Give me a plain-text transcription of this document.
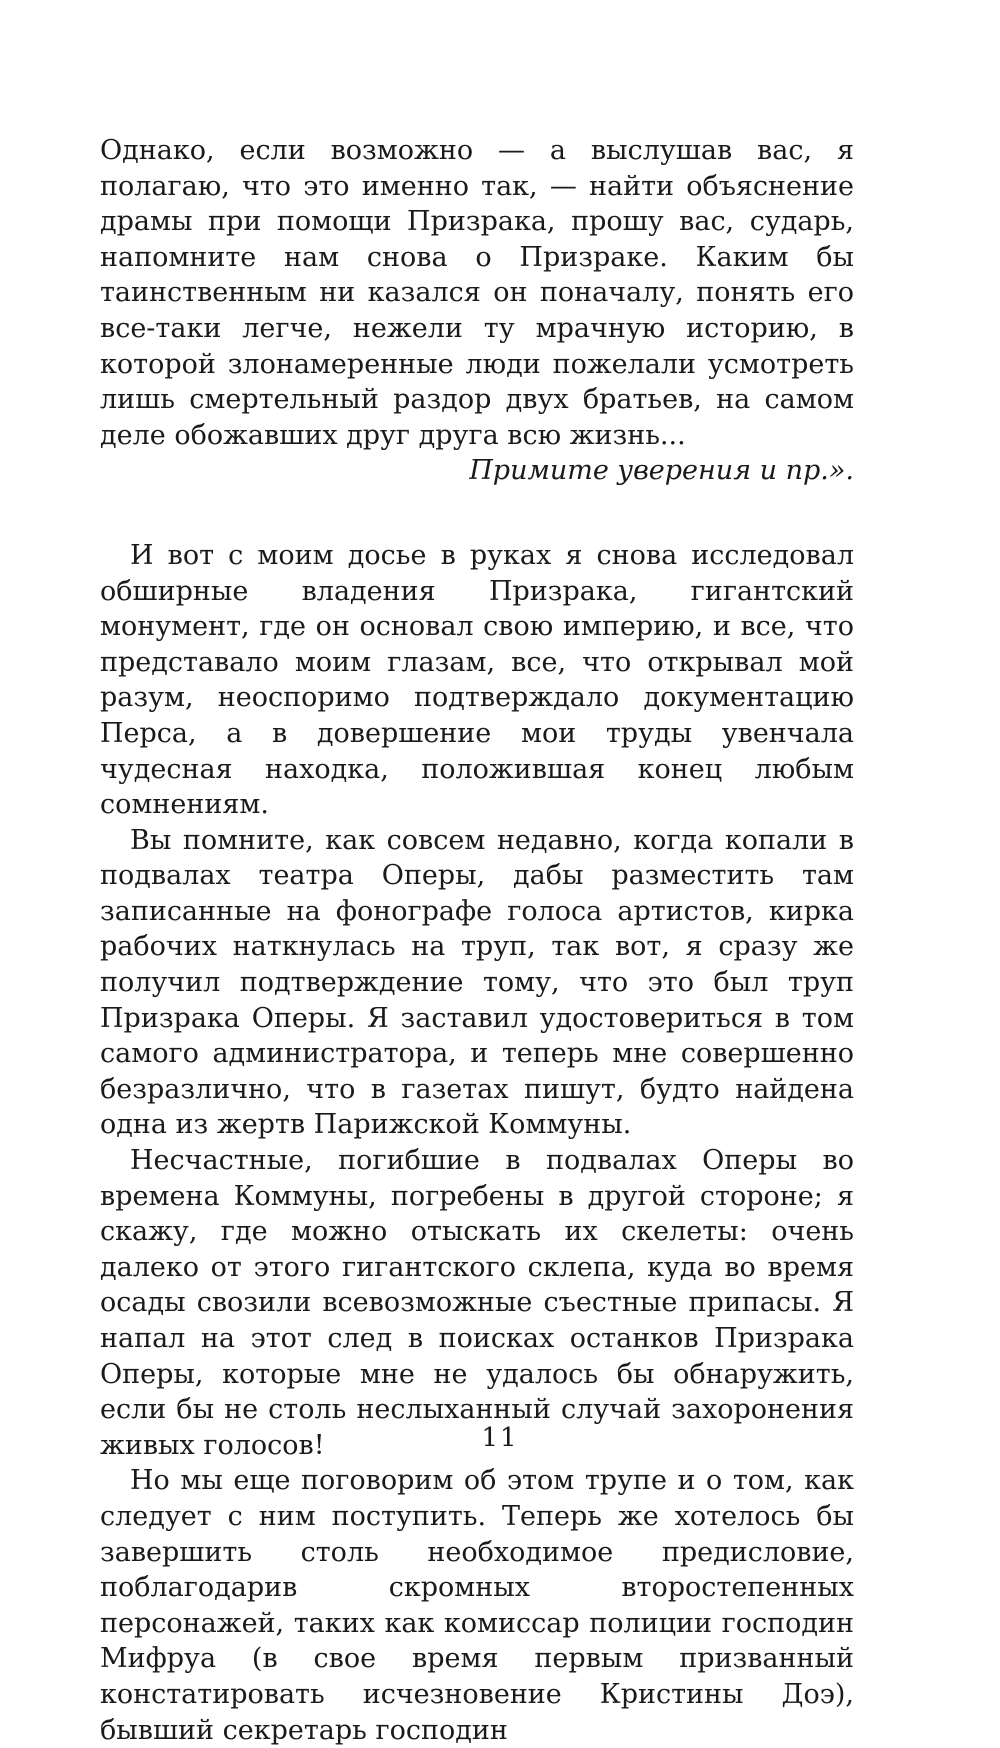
Однако, если возможно — а выслушав вас, я полагаю, что это именно так, — найти объяснение драмы при помощи Призрака, прошу вас, сударь, напомните нам снова о Призраке. Каким бы таинственным ни казался он поначалу, понять его все-таки легче, нежели ту мрачную историю, в которой злонамеренные люди пожелали усмотреть лишь смертельный раздор двух братьев, на самом деле обожавших друг друга всю жизнь...

Примите уверения и пр.».

И вот с моим досье в руках я снова исследовал обширные владения Призрака, гигантский монумент, где он основал свою империю, и все, что представало моим глазам, все, что открывал мой разум, неоспоримо подтверждало документацию Перса, а в довершение мои труды увенчала чудесная находка, положившая конец любым сомнениям.

Вы помните, как совсем недавно, когда копали в подвалах театра Оперы, дабы разместить там записанные на фонографе голоса артистов, кирка рабочих наткнулась на труп, так вот, я сразу же получил подтверждение тому, что это был труп Призрака Оперы. Я заставил удостовериться в том самого администратора, и теперь мне совершенно безразлично, что в газетах пишут, будто найдена одна из жертв Парижской Коммуны.

Несчастные, погибшие в подвалах Оперы во времена Коммуны, погребены в другой стороне; я скажу, где можно отыскать их скелеты: очень далеко от этого гигантского склепа, куда во время осады свозили всевозможные съестные припасы. Я напал на этот след в поисках останков Призрака Оперы, которые мне не удалось бы обнаружить, если бы не столь неслыханный случай захоронения живых голосов!

Но мы еще поговорим об этом трупе и о том, как следует с ним поступить. Теперь же хотелось бы завершить столь необходимое предисловие, поблагодарив скромных второстепенных персонажей, таких как комиссар полиции господин Мифруа (в свое время первым призванный констатировать исчезновение Кристины Доэ), бывший секретарь господин

11
